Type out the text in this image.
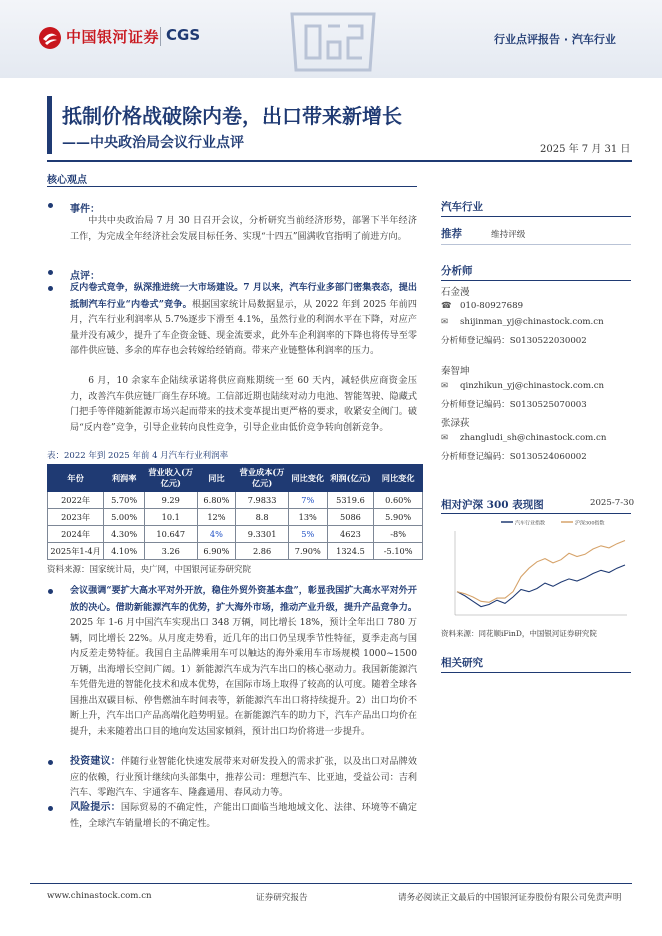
中国银河证券 CGS	行业点评报告 · 汽车行业
抵制价格战破除内卷，出口带来新增长
——中央政治局会议行业点评	2025 年 7 月 31 日
核心观点
事件：
中共中央政治局 7 月 30 日召开会议，分析研究当前经济形势，部署下半年经济工作，为完成全年经济社会发展目标任务、实现“十四五”圆满收官指明了前进方向。
点评：
反内卷式竞争，纵深推进统一大市场建设。7 月以来，汽车行业多部门密集表态，提出抵制汽车行业“内卷式”竞争。根据国家统计局数据显示，从 2022 年到 2025 年前四月，汽车行业利润率从 5.7%逐步下滑至 4.1%，虽然行业的利润水平在下降，对应产量并没有减少，提升了车企资金链、现金流要求，此外车企利润率的下降也将传导至零部件供应链、多余的库存也会转嫁给经销商。带来产业链整体利润率的压力。
6 月，10 余家车企陆续承诺将供应商账期统一至 60 天内，减轻供应商资金压力，改善汽车供应链厂商生存环境。工信部近期也陆续对动力电池、智能驾驶、隐藏式门把手等伴随新能源市场兴起而带来的技术变革提出更严格的要求，收紧安全阀门。破局“反内卷”竞争，引导企业转向良性竞争，引导企业由低价竞争转向创新竞争。
表：2022 年到 2025 年前 4 月汽车行业利润率
年份	利润率	营业收入(万亿元)	同比	营业成本(万亿元)	同比变化	利润(亿元)	同比变化
2022年	5.70%	9.29	6.80%	7.9833	7%	5319.6	0.60%
2023年	5.00%	10.1	12%	8.8	13%	5086	5.90%
2024年	4.30%	10.647	4%	9.3301	5%	4623	-8%
2025年1-4月	4.10%	3.26	6.90%	2.86	7.90%	1324.5	-5.10%
资料来源：国家统计局，央广网，中国银河证券研究院
会议强调“要扩大高水平对外开放，稳住外贸外资基本盘”，彰显我国扩大高水平对外开放的决心。借助新能源汽车的优势，扩大海外市场，推动产业升级，提升产品竞争力。2025 年 1-6 月中国汽车实现出口 348 万辆，同比增长 18%，预计全年出口 780 万辆，同比增长 22%。从月度走势看，近几年的出口仍呈现季节性特征，夏季走高与国内反差走势特征。我国自主品牌乘用车可以触达的海外乘用车市场规模 1000~1500 万辆，出海增长空间广阔。1）新能源汽车成为汽车出口的核心驱动力。我国新能源汽车凭借先进的智能化技术和成本优势，在国际市场上取得了较高的认可度。随着全球各国推出双碳目标、停售燃油车时间表等，新能源汽车出口将持续提升。2）出口均价不断上升，汽车出口产品高端化趋势明显。在新能源汽车的助力下，汽车产品出口均价在提升，未来随着出口目的地向发达国家倾斜，预计出口均价将进一步提升。
投资建议：伴随行业智能化快速发展带来对研发投入的需求扩张，以及出口对品牌效应的依赖，行业预计继续向头部集中，推荐公司：理想汽车、比亚迪，受益公司：吉利汽车、零跑汽车、宇通客车、隆鑫通用、春风动力等。
风险提示：国际贸易的不确定性，产能出口面临当地地域文化、法律、环境等不确定性，全球汽车销量增长的不确定性。
汽车行业
推荐	维持评级
分析师
石金漫
☎ 010-80927689
✉ shijinman_yj@chinastock.com.cn
分析师登记编码：S0130522030002
秦智坤
✉ qinzhikun_yj@chinastock.com.cn
分析师登记编码：S0130525070003
张渌荻
✉ zhangludi_sh@chinastock.com.cn
分析师登记编码：S0130524060002
相对沪深 300 表现图	2025-7-30
汽车行业指数	沪深300指数
资料来源：同花顺iFinD，中国银河证券研究院
相关研究
www.chinastock.com.cn	证券研究报告	请务必阅读正文最后的中国银河证券股份有限公司免责声明
